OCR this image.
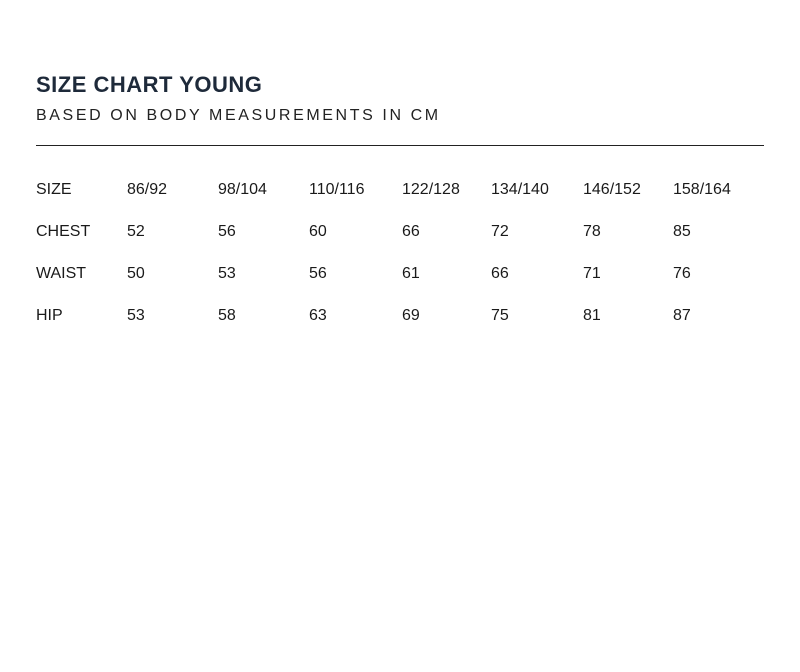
SIZE CHART YOUNG
BASED ON BODY MEASUREMENTS IN CM
SIZE	86/92	98/104	110/116	122/128	134/140	146/152	158/164
CHEST	52	56	60	66	72	78	85
WAIST	50	53	56	61	66	71	76
HIP	53	58	63	69	75	81	87
